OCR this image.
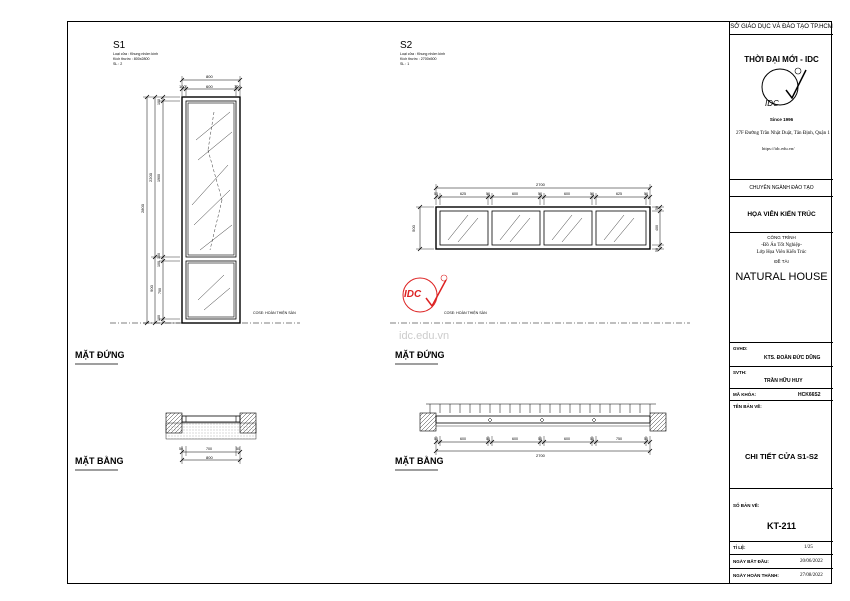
S1
Loại cửa : Khung nhôm kính
Kích thước : 800x2800
SL : 2
800
100	600	100
2800
2200
900
100
1900
100
100
700
100
COSE: HOÀN THIỆN SÀN
800
50	700	50
S2
Loại cửa : Khung nhôm kính
Kích thước : 2700x500
SL : 1
2700
50	625	50	600	50	600	50	625	50
500
50
400
50
COSE: HOÀN THIỆN SÀN
50	600	50	600	50	600	50	750	50
2700
MẶT ĐỨNG	MẶT ĐỨNG
MẶT BẰNG	MẶT BẰNG
IDC
idc.edu.vn
SỞ GIÁO DỤC VÀ ĐÀO TẠO TP.HCM
THỜI ĐẠI MỚI - IDC
IDC
Since 1996
27F Đường Trần Nhật Duật, Tân Định, Quận 1
https://idc.edu.vn/
CHUYÊN NGÀNH ĐÀO TẠO
HỌA VIÊN KIẾN TRÚC
CÔNG TRÌNH
-Đồ Án Tốt Nghiệp-
Lớp Họa Viên Kiến Trúc
ĐỀ TÀI
NATURAL HOUSE
GVHD:
KTS. ĐOÀN ĐỨC DŨNG
SVTH:
TRẦN HỮU HUY
MÃ KHÓA:	HCK66S2
TÊN BẢN VẼ:
CHI TIẾT CỬA S1-S2
SỐ BẢN VẼ:
KT-211
TỈ LỆ:	1/25
NGÀY BẮT ĐẦU:	20/06/2022
NGÀY HOÀN THÀNH:	27/08/2022
